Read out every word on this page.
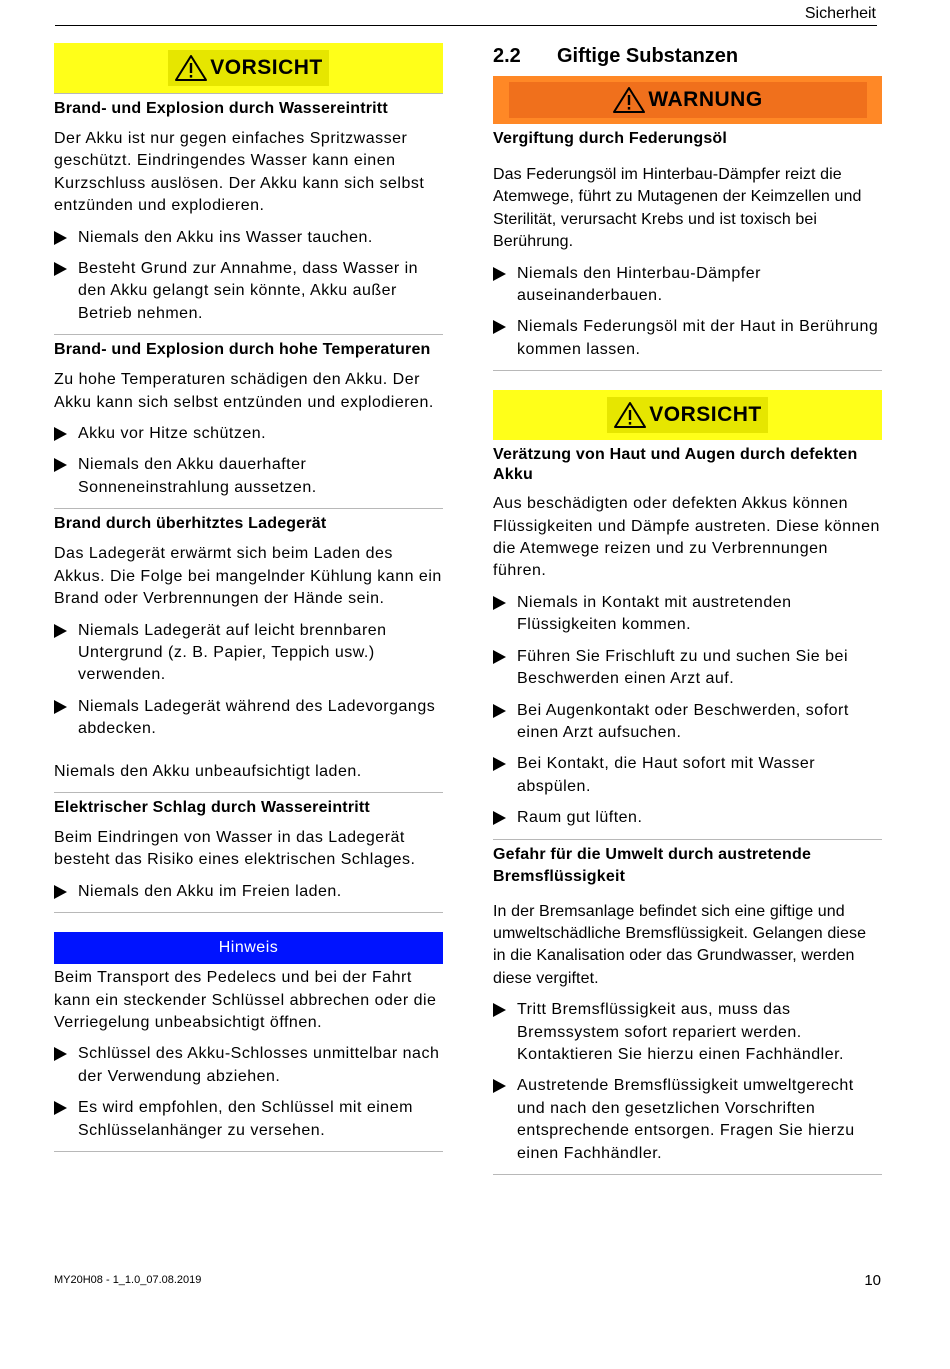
Sicherheit
VORSICHT
Brand- und Explosion durch Wassereintritt
Der Akku ist nur gegen einfaches Spritzwasser geschützt. Eindringendes Wasser kann einen Kurzschluss auslösen. Der Akku kann sich selbst entzünden und explodieren.
Niemals den Akku ins Wasser tauchen.
Besteht Grund zur Annahme, dass Wasser in den Akku gelangt sein könnte, Akku außer Betrieb nehmen.
Brand- und Explosion durch hohe Temperaturen
Zu hohe Temperaturen schädigen den Akku. Der Akku kann sich selbst entzünden und explodieren.
Akku vor Hitze schützen.
Niemals den Akku dauerhafter Sonneneinstrahlung aussetzen.
Brand durch überhitztes Ladegerät
Das Ladegerät erwärmt sich beim Laden des Akkus. Die Folge bei mangelnder Kühlung kann ein Brand oder Verbrennungen der Hände sein.
Niemals Ladegerät auf leicht brennbaren Untergrund (z. B. Papier, Teppich usw.) verwenden.
Niemals Ladegerät während des Ladevorgangs abdecken.
Niemals den Akku unbeaufsichtigt laden.
Elektrischer Schlag durch Wassereintritt
Beim Eindringen von Wasser in das Ladegerät besteht das Risiko eines elektrischen Schlages.
Niemals den Akku im Freien laden.
Hinweis
Beim Transport des Pedelecs und bei der Fahrt kann ein steckender Schlüssel abbrechen oder die Verriegelung unbeabsichtigt öffnen.
Schlüssel des Akku-Schlosses unmittelbar nach der Verwendung abziehen.
Es wird empfohlen, den Schlüssel mit einem Schlüsselanhänger zu versehen.
2.2	Giftige Substanzen
WARNUNG
Vergiftung durch Federungsöl
Das Federungsöl im Hinterbau-Dämpfer reizt die Atemwege, führt zu Mutagenen der Keimzellen und Sterilität, verursacht Krebs und ist toxisch bei Berührung.
Niemals den Hinterbau-Dämpfer auseinanderbauen.
Niemals Federungsöl mit der Haut in Berührung kommen lassen.
VORSICHT
Verätzung von Haut und Augen durch defekten Akku
Aus beschädigten oder defekten Akkus können Flüssigkeiten und Dämpfe austreten. Diese können die Atemwege reizen und zu Verbrennungen führen.
Niemals in Kontakt mit austretenden Flüssigkeiten kommen.
Führen Sie Frischluft zu und suchen Sie bei Beschwerden einen Arzt auf.
Bei Augenkontakt oder Beschwerden, sofort einen Arzt aufsuchen.
Bei Kontakt, die Haut sofort mit Wasser abspülen.
Raum gut lüften.
Gefahr für die Umwelt durch austretende Bremsflüssigkeit
In der Bremsanlage befindet sich eine giftige und umweltschädliche Bremsflüssigkeit. Gelangen diese in die Kanalisation oder das Grundwasser, werden diese vergiftet.
Tritt Bremsflüssigkeit aus, muss das Bremssystem sofort repariert werden. Kontaktieren Sie hierzu einen Fachhändler.
Austretende Bremsflüssigkeit umweltgerecht und nach den gesetzlichen Vorschriften entsprechende entsorgen. Fragen Sie hierzu einen Fachhändler.
MY20H08 - 1_1.0_07.08.2019	10
